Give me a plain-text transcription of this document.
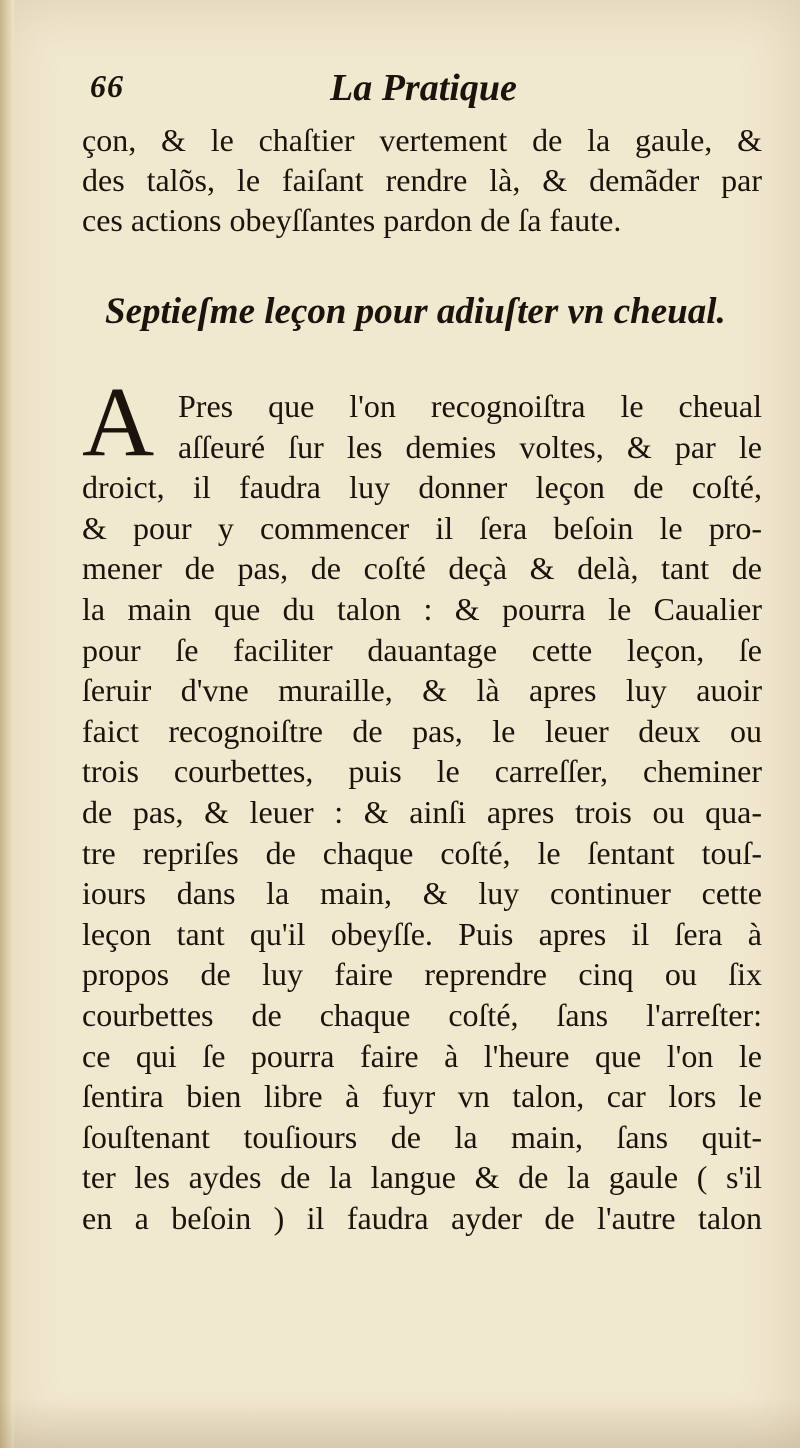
66	La Pratique
çon, & le chaſtier vertement de la gaule, &
des talõs, le faiſant rendre là, & demãder par
ces actions obeyſſantes pardon de ſa faute.
Septieſme leçon pour adiuſter vn cheual.
A Pres que l'on recognoiſtra le cheual
aſſeuré ſur les demies voltes, & par le
droict, il faudra luy donner leçon de coſté,
& pour y commencer il ſera beſoin le pro-
mener de pas, de coſté deçà & delà, tant de
la main que du talon : & pourra le Caualier
pour ſe faciliter dauantage cette leçon, ſe
ſeruir d'vne muraille, & là apres luy auoir
faict recognoiſtre de pas, le leuer deux ou
trois courbettes, puis le carreſſer, cheminer
de pas, & leuer : & ainſi apres trois ou qua-
tre repriſes de chaque coſté, le ſentant touſ-
iours dans la main, & luy continuer cette
leçon tant qu'il obeyſſe. Puis apres il ſera à
propos de luy faire reprendre cinq ou ſix
courbettes de chaque coſté, ſans l'arreſter:
ce qui ſe pourra faire à l'heure que l'on le
ſentira bien libre à fuyr vn talon, car lors le
ſouſtenant touſiours de la main, ſans quit-
ter les aydes de la langue & de la gaule ( s'il
en a beſoin ) il faudra ayder de l'autre talon
